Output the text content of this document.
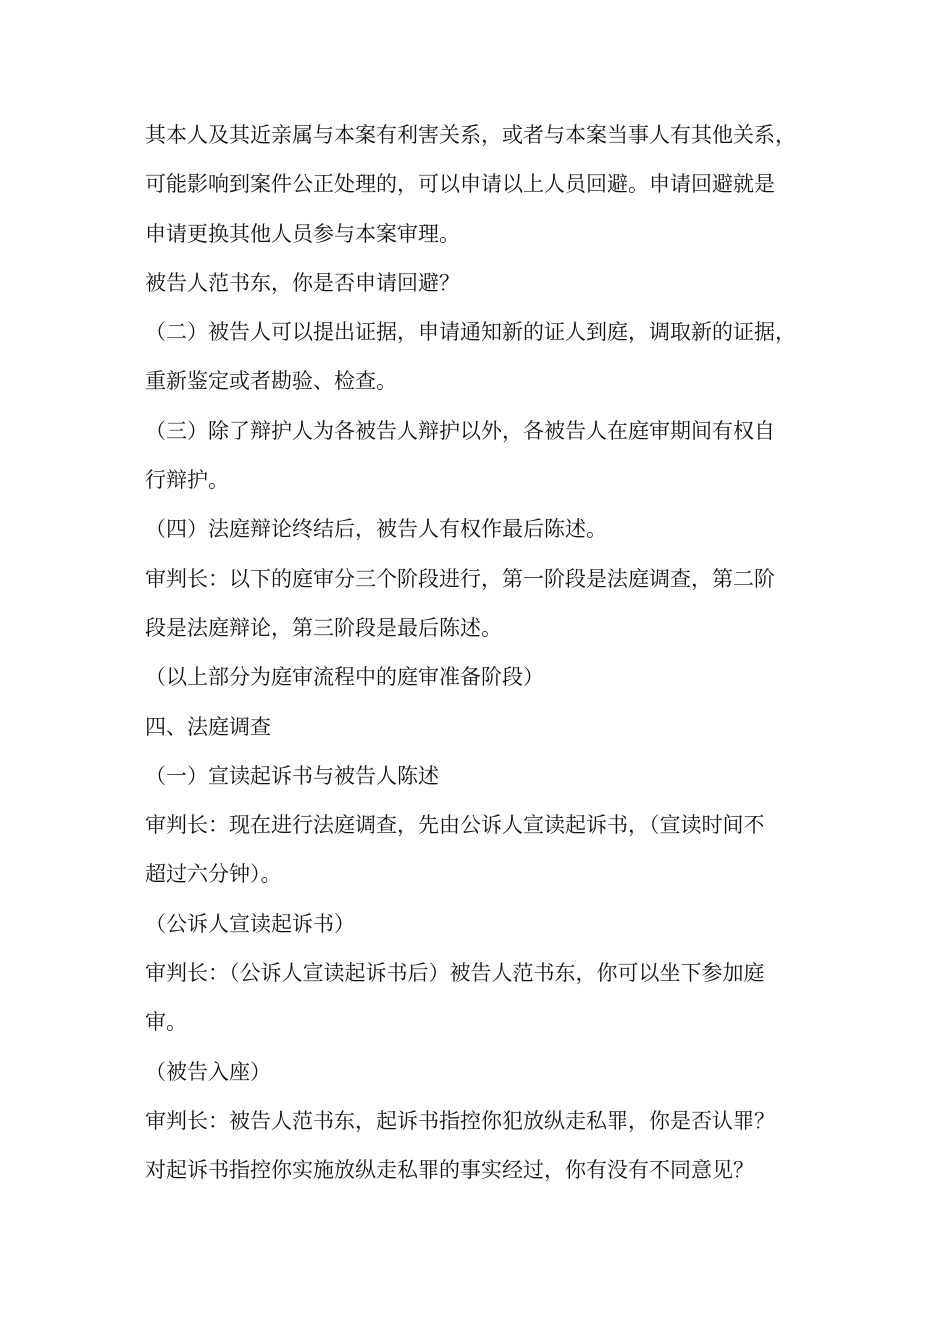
其本人及其近亲属与本案有利害关系，或者与本案当事人有其他关系，
可能影响到案件公正处理的，可以申请以上人员回避。申请回避就是
申请更换其他人员参与本案审理。
被告人范书东，你是否申请回避？
（二）被告人可以提出证据，申请通知新的证人到庭，调取新的证据，
重新鉴定或者勘验、检查。
（三）除了辩护人为各被告人辩护以外，各被告人在庭审期间有权自
行辩护。
（四）法庭辩论终结后，被告人有权作最后陈述。
审判长：以下的庭审分三个阶段进行，第一阶段是法庭调查，第二阶
段是法庭辩论，第三阶段是最后陈述。
（以上部分为庭审流程中的庭审准备阶段）
四、法庭调查
（一）宣读起诉书与被告人陈述
审判长：现在进行法庭调查，先由公诉人宣读起诉书，（宣读时间不
超过六分钟）。
（公诉人宣读起诉书）
审判长：（公诉人宣读起诉书后）被告人范书东，你可以坐下参加庭
审。
（被告入座）
审判长：被告人范书东，起诉书指控你犯放纵走私罪，你是否认罪？
对起诉书指控你实施放纵走私罪的事实经过，你有没有不同意见？
